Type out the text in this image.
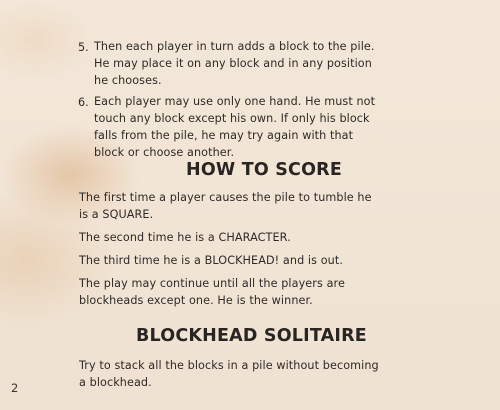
5. Then each player in turn adds a block to the pile.
He may place it on any block and in any position
he chooses.
6. Each player may use only one hand. He must not
touch any block except his own. If only his block
falls from the pile, he may try again with that
block or choose another.
HOW TO SCORE
The first time a player causes the pile to tumble he
is a SQUARE.
The second time he is a CHARACTER.
The third time he is a BLOCKHEAD! and is out.
The play may continue until all the players are
blockheads except one. He is the winner.
BLOCKHEAD SOLITAIRE
Try to stack all the blocks in a pile without becoming
a blockhead.
2
